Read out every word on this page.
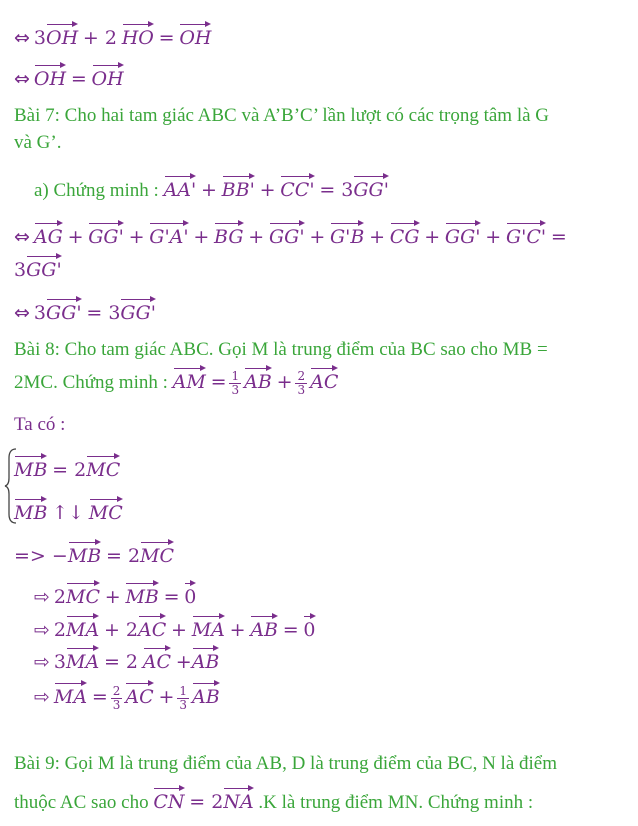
⇔ 3OH + 2 HO = OH
⇔ OH = OH
Bài 7: Cho hai tam giác ABC và A’B’C’ lần lượt có các trọng tâm là G
và G’.
a) Chứng minh : AA' + BB' + CC' = 3GG'
⇔ AG + GG' + G'A' + BG + GG' + G'B + CG + GG' + G'C' =
3GG'
⇔ 3GG' = 3GG'
Bài 8: Cho tam giác ABC. Gọi M là trung điểm của BC sao cho MB =
2MC. Chứng minh : AM = $\frac{1}{3}$ AB + $\frac{2}{3}$ AC
Ta có :
MB = 2MC
MB ↑↓ MC
=> −MB = 2MC
⇨ 2MC + MB = 0
⇨ 2MA + 2AC + MA + AB = 0
⇨ 3MA = 2 AC +AB
⇨ MA = $\frac{2}{3}$ AC + $\frac{1}{3}$ AB
Bài 9: Gọi M là trung điểm của AB, D là trung điểm của BC, N là điểm
thuộc AC sao cho CN = 2NA .K là trung điểm MN. Chứng minh :
